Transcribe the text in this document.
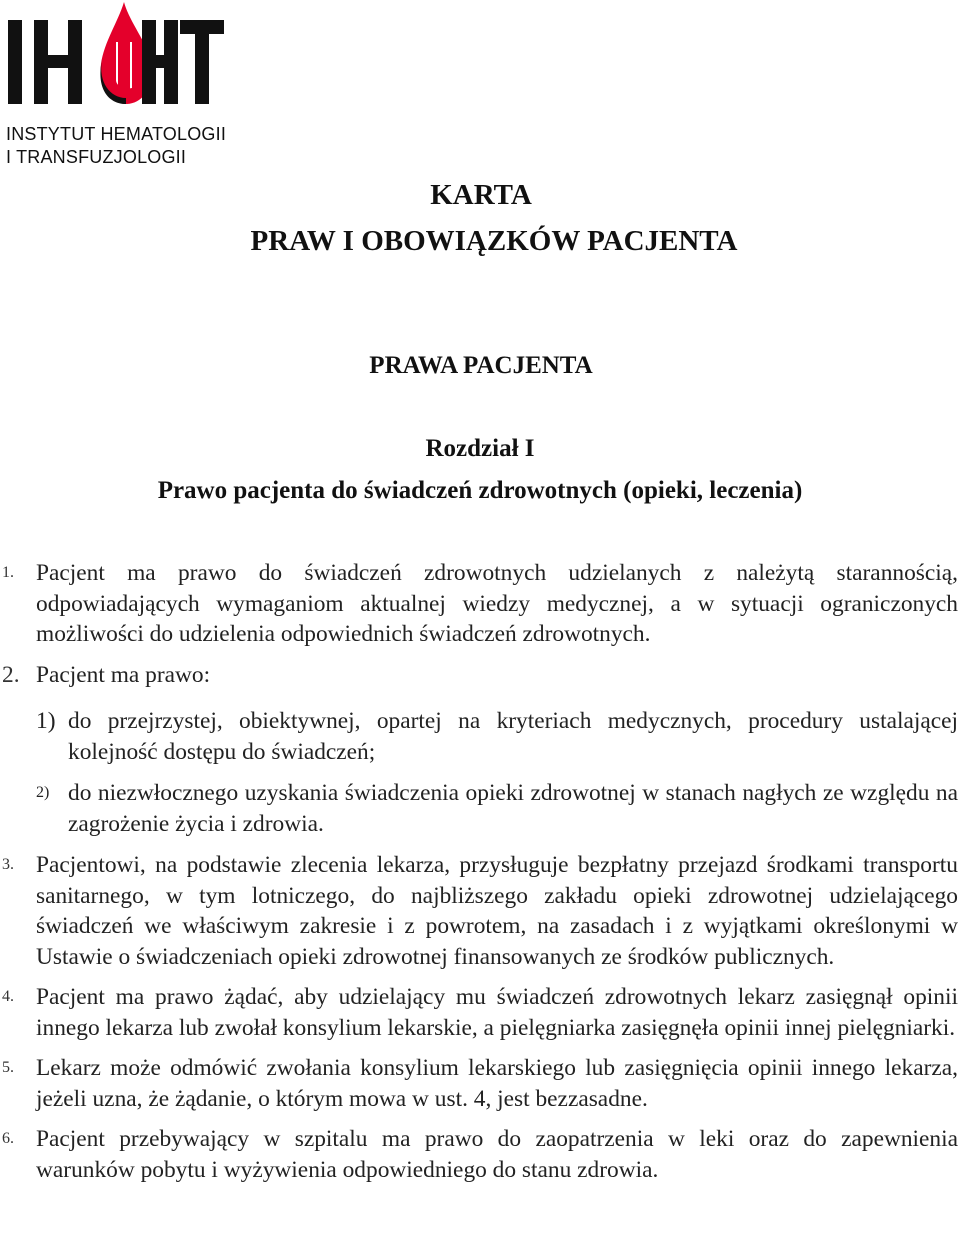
INSTYTUT HEMATOLOGII
I TRANSFUZJOLOGII
KARTA
PRAW I OBOWIĄZKÓW PACJENTA
PRAWA PACJENTA
Rozdział I
Prawo pacjenta do świadczeń zdrowotnych (opieki, leczenia)
1. Pacjent ma prawo do świadczeń zdrowotnych udzielanych z należytą starannością, odpowiadających wymaganiom aktualnej wiedzy medycznej, a w sytuacji ograniczonych możliwości do udzielenia odpowiednich świadczeń zdrowotnych.
2. Pacjent ma prawo:
1) do przejrzystej, obiektywnej, opartej na kryteriach medycznych, procedury ustalającej kolejność dostępu do świadczeń;
2) do niezwłocznego uzyskania świadczenia opieki zdrowotnej w stanach nagłych ze względu na zagrożenie życia i zdrowia.
3. Pacjentowi, na podstawie zlecenia lekarza, przysługuje bezpłatny przejazd środkami transportu sanitarnego, w tym lotniczego, do najbliższego zakładu opieki zdrowotnej udzielającego świadczeń we właściwym zakresie i z powrotem, na zasadach i z wyjątkami określonymi w Ustawie o świadczeniach opieki zdrowotnej finansowanych ze środków publicznych.
4. Pacjent ma prawo żądać, aby udzielający mu świadczeń zdrowotnych lekarz zasięgnął opinii innego lekarza lub zwołał konsylium lekarskie, a pielęgniarka zasięgnęła opinii innej pielęgniarki.
5. Lekarz może odmówić zwołania konsylium lekarskiego lub zasięgnięcia opinii innego lekarza, jeżeli uzna, że żądanie, o którym mowa w ust. 4, jest bezzasadne.
6. Pacjent przebywający w szpitalu ma prawo do zaopatrzenia w leki oraz do zapewnienia warunków pobytu i wyżywienia odpowiedniego do stanu zdrowia.
